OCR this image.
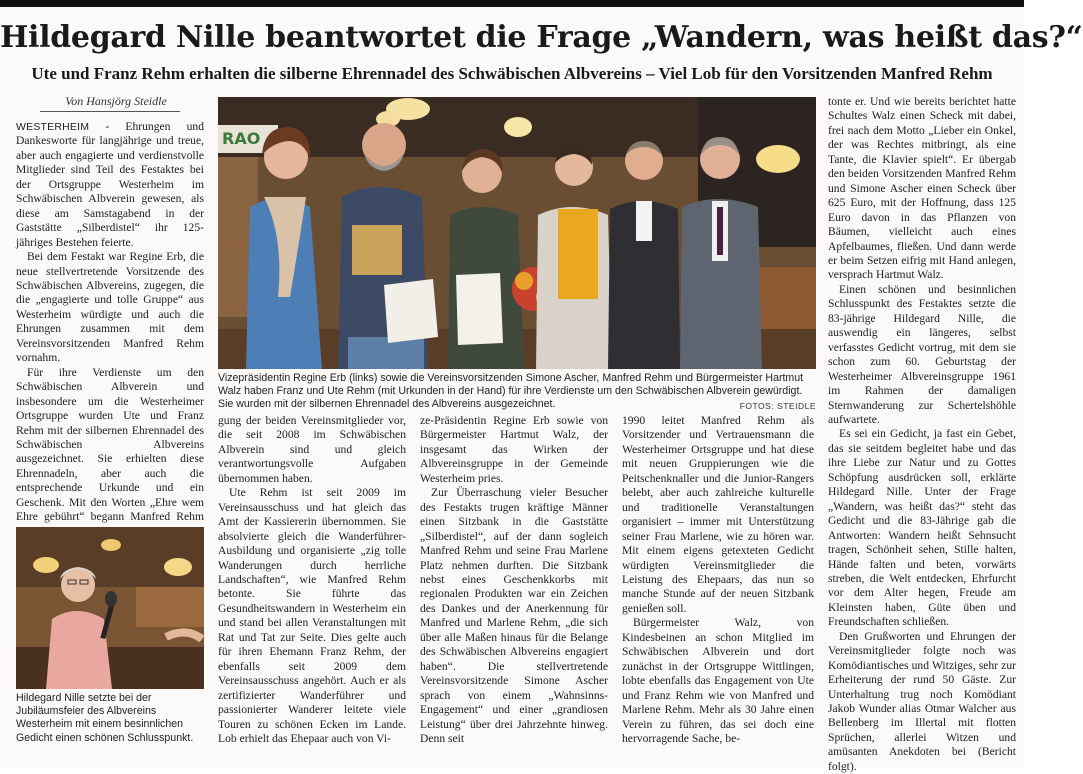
Hildegard Nille beantwortet die Frage „Wandern, was heißt das?“
Ute und Franz Rehm erhalten die silberne Ehrennadel des Schwäbischen Albvereins – Viel Lob für den Vorsitzenden Manfred Rehm
Von Hansjörg Steidle

WESTERHEIM - Ehrungen und Dankesworte für langjährige und treue, aber auch engagierte und verdienstvolle Mitglieder sind Teil des Festaktes bei der Ortsgruppe Westerheim im Schwäbischen Albverein gewesen, als diese am Samstagabend in der Gaststätte „Silberdistel“ ihr 125-jähriges Bestehen feierte.

Bei dem Festakt war Regine Erb, die neue stellvertretende Vorsitzende des Schwäbischen Albvereins, zugegen, die die „engagierte und tolle Gruppe“ aus Westerheim würdigte und auch die Ehrungen zusammen mit dem Vereinsvorsitzenden Manfred Rehm vornahm.

Für ihre Verdienste um den Schwäbischen Albverein und insbesondere um die Westerheimer Ortsgruppe wurden Ute und Franz Rehm mit der silbernen Ehrennadel des Schwäbischen Albvereins ausgezeichnet. Sie erhielten diese Ehrennadeln, aber auch die entsprechende Urkunde und ein Geschenk. Mit den Worten „Ehre wem Ehre gebührt“ begann Manfred Rehm

Hildegard Nille setzte bei der Jubiläumsfeier des Albvereins Westerheim mit einem besinnlichen Gedicht einen schönen Schlusspunkt.
RAO
Vizepräsidentin Regine Erb (links) sowie die Vereinsvorsitzenden Simone Ascher, Manfred Rehm und Bürgermeister Hartmut Walz haben Franz und Ute Rehm (mit Urkunden in der Hand) für ihre Verdienste um den Schwäbischen Albverein gewürdigt. Sie wurden mit der silbernen Ehrennadel des Albvereins ausgezeichnet.	FOTOS: STEIDLE

gung der beiden Vereinsmitglieder vor, die seit 2008 im Schwäbischen Albverein sind und gleich verantwortungsvolle Aufgaben übernommen haben.

Ute Rehm ist seit 2009 im Vereinsausschuss und hat gleich das Amt der Kassiererin übernommen. Sie absolvierte gleich die Wanderführer-Ausbildung und organisierte „zig tolle Wanderungen durch herrliche Landschaften“, wie Manfred Rehm betonte. Sie führte das Gesundheitswandern in Westerheim ein und stand bei allen Veranstaltungen mit Rat und Tat zur Seite. Dies gelte auch für ihren Ehemann Franz Rehm, der ebenfalls seit 2009 dem Vereinsausschuss angehört. Auch er als zertifizierter Wanderführer und passionierter Wanderer leitete viele Touren zu schönen Ecken im Lande. Lob erhielt das Ehepaar auch von Vi-

ze-Präsidentin Regine Erb sowie von Bürgermeister Hartmut Walz, der insgesamt das Wirken der Albvereinsgruppe in der Gemeinde Westerheim pries.

Zur Überraschung vieler Besucher des Festakts trugen kräftige Männer einen Sitzbank in die Gaststätte „Silberdistel“, auf der dann sogleich Manfred Rehm und seine Frau Marlene Platz nehmen durften. Die Sitzbank nebst eines Geschenkkorbs mit regionalen Produkten war ein Zeichen des Dankes und der Anerkennung für Manfred und Marlene Rehm, „die sich über alle Maßen hinaus für die Belange des Schwäbischen Albvereins engagiert haben“. Die stellvertretende Vereinsvorsitzende Simone Ascher sprach von einem „Wahnsinns-Engagement“ und einer „grandiosen Leistung“ über drei Jahrzehnte hinweg. Denn seit

1990 leitet Manfred Rehm als Vorsitzender und Vertrauensmann die Westerheimer Ortsgruppe und hat diese mit neuen Gruppierungen wie die Peitschenknaller und die Junior-Rangers belebt, aber auch zahlreiche kulturelle und traditionelle Veranstaltungen organisiert – immer mit Unterstützung seiner Frau Marlene, wie zu hören war. Mit einem eigens getexteten Gedicht würdigten Vereinsmitglieder die Leistung des Ehepaars, das nun so manche Stunde auf der neuen Sitzbank genießen soll.

Bürgermeister Walz, von Kindesbeinen an schon Mitglied im Schwäbischen Albverein und dort zunächst in der Ortsgruppe Wittlingen, lobte ebenfalls das Engagement von Ute und Franz Rehm wie von Manfred und Marlene Rehm. Mehr als 30 Jahre einen Verein zu führen, das sei doch eine hervorragende Sache, be-

tonte er. Und wie bereits berichtet hatte Schultes Walz einen Scheck mit dabei, frei nach dem Motto „Lieber ein Onkel, der was Rechtes mitbringt, als eine Tante, die Klavier spielt“. Er übergab den beiden Vorsitzenden Manfred Rehm und Simone Ascher einen Scheck über 625 Euro, mit der Hoffnung, dass 125 Euro davon in das Pflanzen von Bäumen, vielleicht auch eines Apfelbaumes, fließen. Und dann werde er beim Setzen eifrig mit Hand anlegen, versprach Hartmut Walz.

Einen schönen und besinnlichen Schlusspunkt des Festaktes setzte die 83-jährige Hildegard Nille, die auswendig ein längeres, selbst verfasstes Gedicht vortrug, mit dem sie schon zum 60. Geburtstag der Westerheimer Albvereinsgruppe 1961 im Rahmen der damaligen Sternwanderung zur Schertelshöhle aufwartete.

Es sei ein Gedicht, ja fast ein Gebet, das sie seitdem begleitet habe und das ihre Liebe zur Natur und zu Gottes Schöpfung ausdrücken soll, erklärte Hildegard Nille. Unter der Frage „Wandern, was heißt das?“ steht das Gedicht und die 83-Jährige gab die Antworten: Wandern heißt Sehnsucht tragen, Schönheit sehen, Stille halten, Hände falten und beten, vorwärts streben, die Welt entdecken, Ehrfurcht vor dem Alter hegen, Freude am Kleinsten haben, Güte üben und Freundschaften schließen.

Den Grußworten und Ehrungen der Vereinsmitglieder folgte noch was Komödiantisches und Witziges, sehr zur Erheiterung der rund 50 Gäste. Zur Unterhaltung trug noch Komödiant Jakob Wunder alias Otmar Walcher aus Bellenberg im Illertal mit flotten Sprüchen, allerlei Witzen und amüsanten Anekdoten bei (Bericht folgt).
